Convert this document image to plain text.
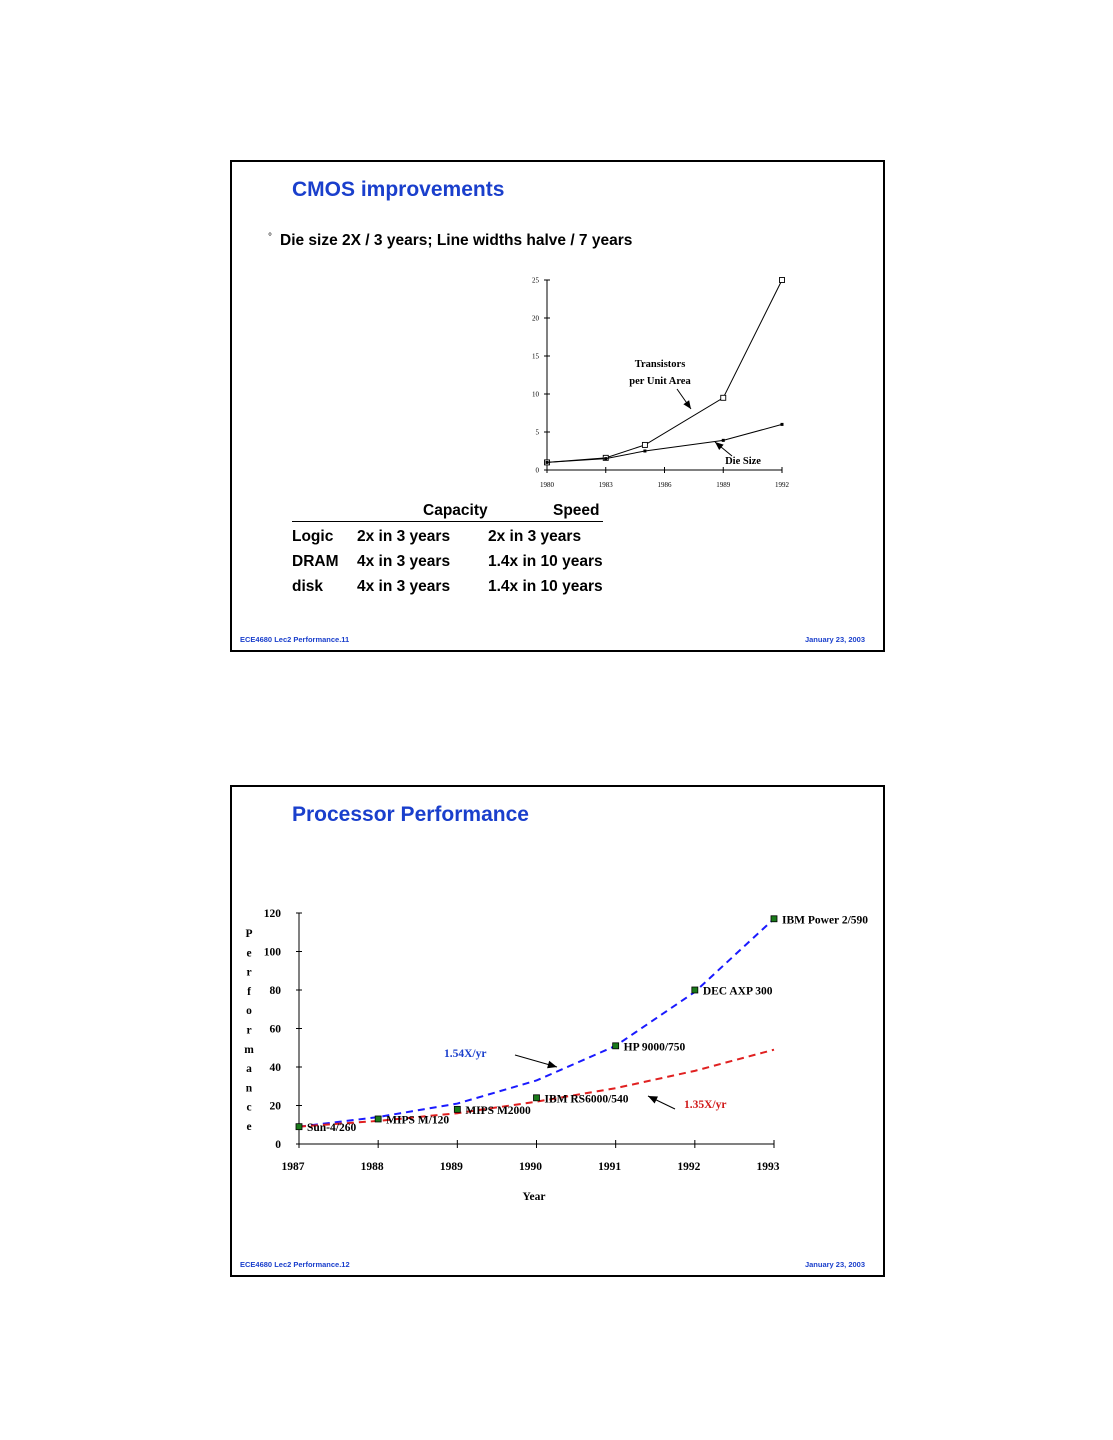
CMOS improvements
° Die size 2X / 3 years; Line widths halve / 7 years
0
5
10
15
20
25
1980	1983	1986	1989	1992
Transistors
per Unit Area
Die Size
Capacity	Speed
Logic 2x in 3 years 2x in 3 years
DRAM 4x in 3 years 1.4x in 10 years
disk 4x in 3 years 1.4x in 10 years
ECE4680 Lec2 Performance.11	January 23, 2003
Processor Performance
0
20
40
60
80
100
120
1987	1988	1989	1990	1991	1992	1993
P e r f o r m a n c e
Year
Sun-4/260
MIPS M/120
MIPS M2000
IBM RS6000/540
HP 9000/750
DEC AXP 300
IBM Power 2/590
1.54X/yr
1.35X/yr
ECE4680 Lec2 Performance.12	January 23, 2003
